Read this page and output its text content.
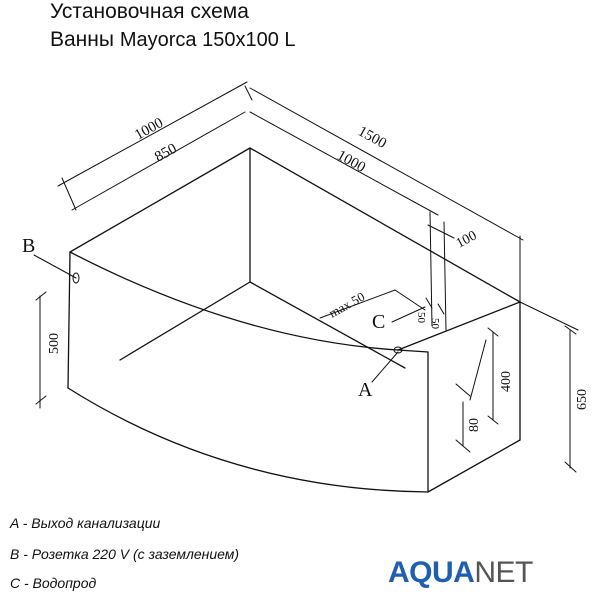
Установочная схема
Ванны Mayorca 150x100 L
1000
850
1500
1000
100
max 50	50
50
500
400
80
650
B
C
A
A - Выход канализации
B - Розетка 220 V (с заземлением)
C - Водопрод	AQUANET
